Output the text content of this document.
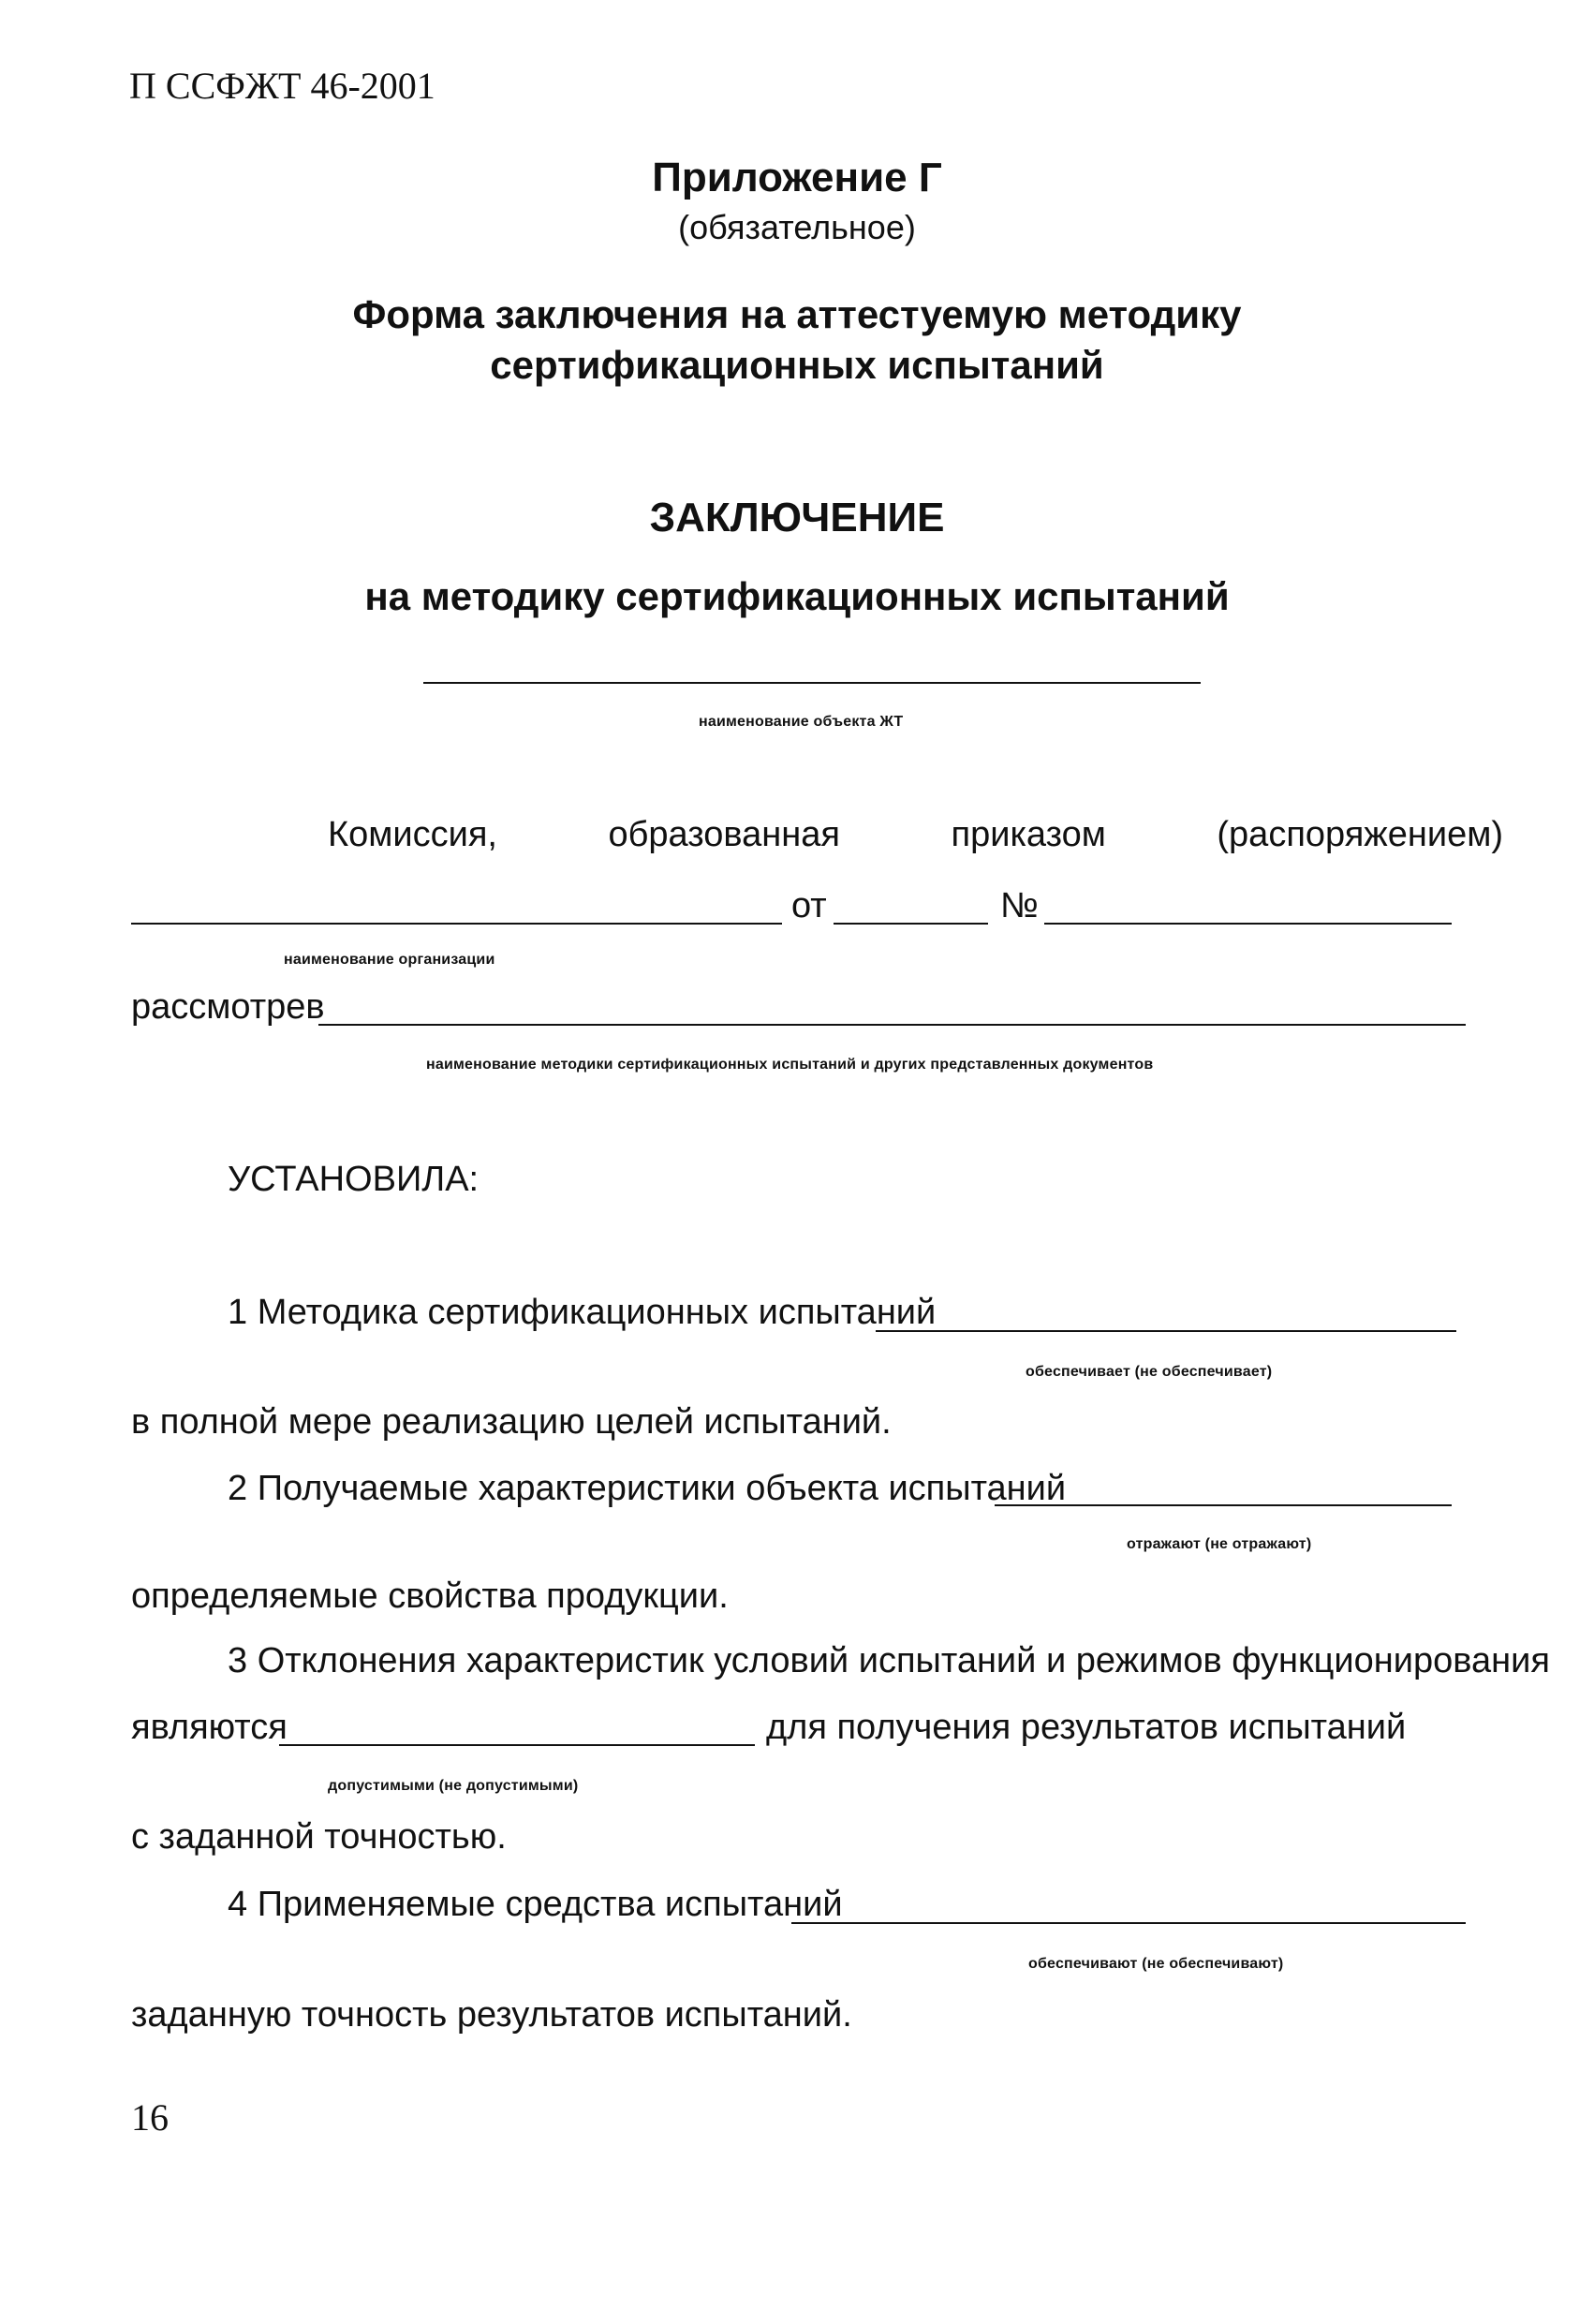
П ССФЖТ 46-2001
Приложение Г
(обязательное)
Форма заключения на аттестуемую методику
сертификационных испытаний
ЗАКЛЮЧЕНИЕ
на методику сертификационных испытаний
наименование объекта ЖТ
Комиссия,	образованная	приказом	(распоряжением)
от	№
наименование организации
рассмотрев
наименование методики сертификационных испытаний и других представленных документов
УСТАНОВИЛА:
1 Методика сертификационных испытаний
обеспечивает (не обеспечивает)
в полной мере реализацию целей испытаний.
2 Получаемые характеристики объекта испытаний
отражают (не отражают)
определяемые свойства продукции.
3 Отклонения характеристик условий испытаний и режимов функционирования
являются	для получения результатов испытаний
допустимыми (не допустимыми)
с заданной точностью.
4 Применяемые средства испытаний
обеспечивают (не обеспечивают)
заданную точность результатов испытаний.
16
